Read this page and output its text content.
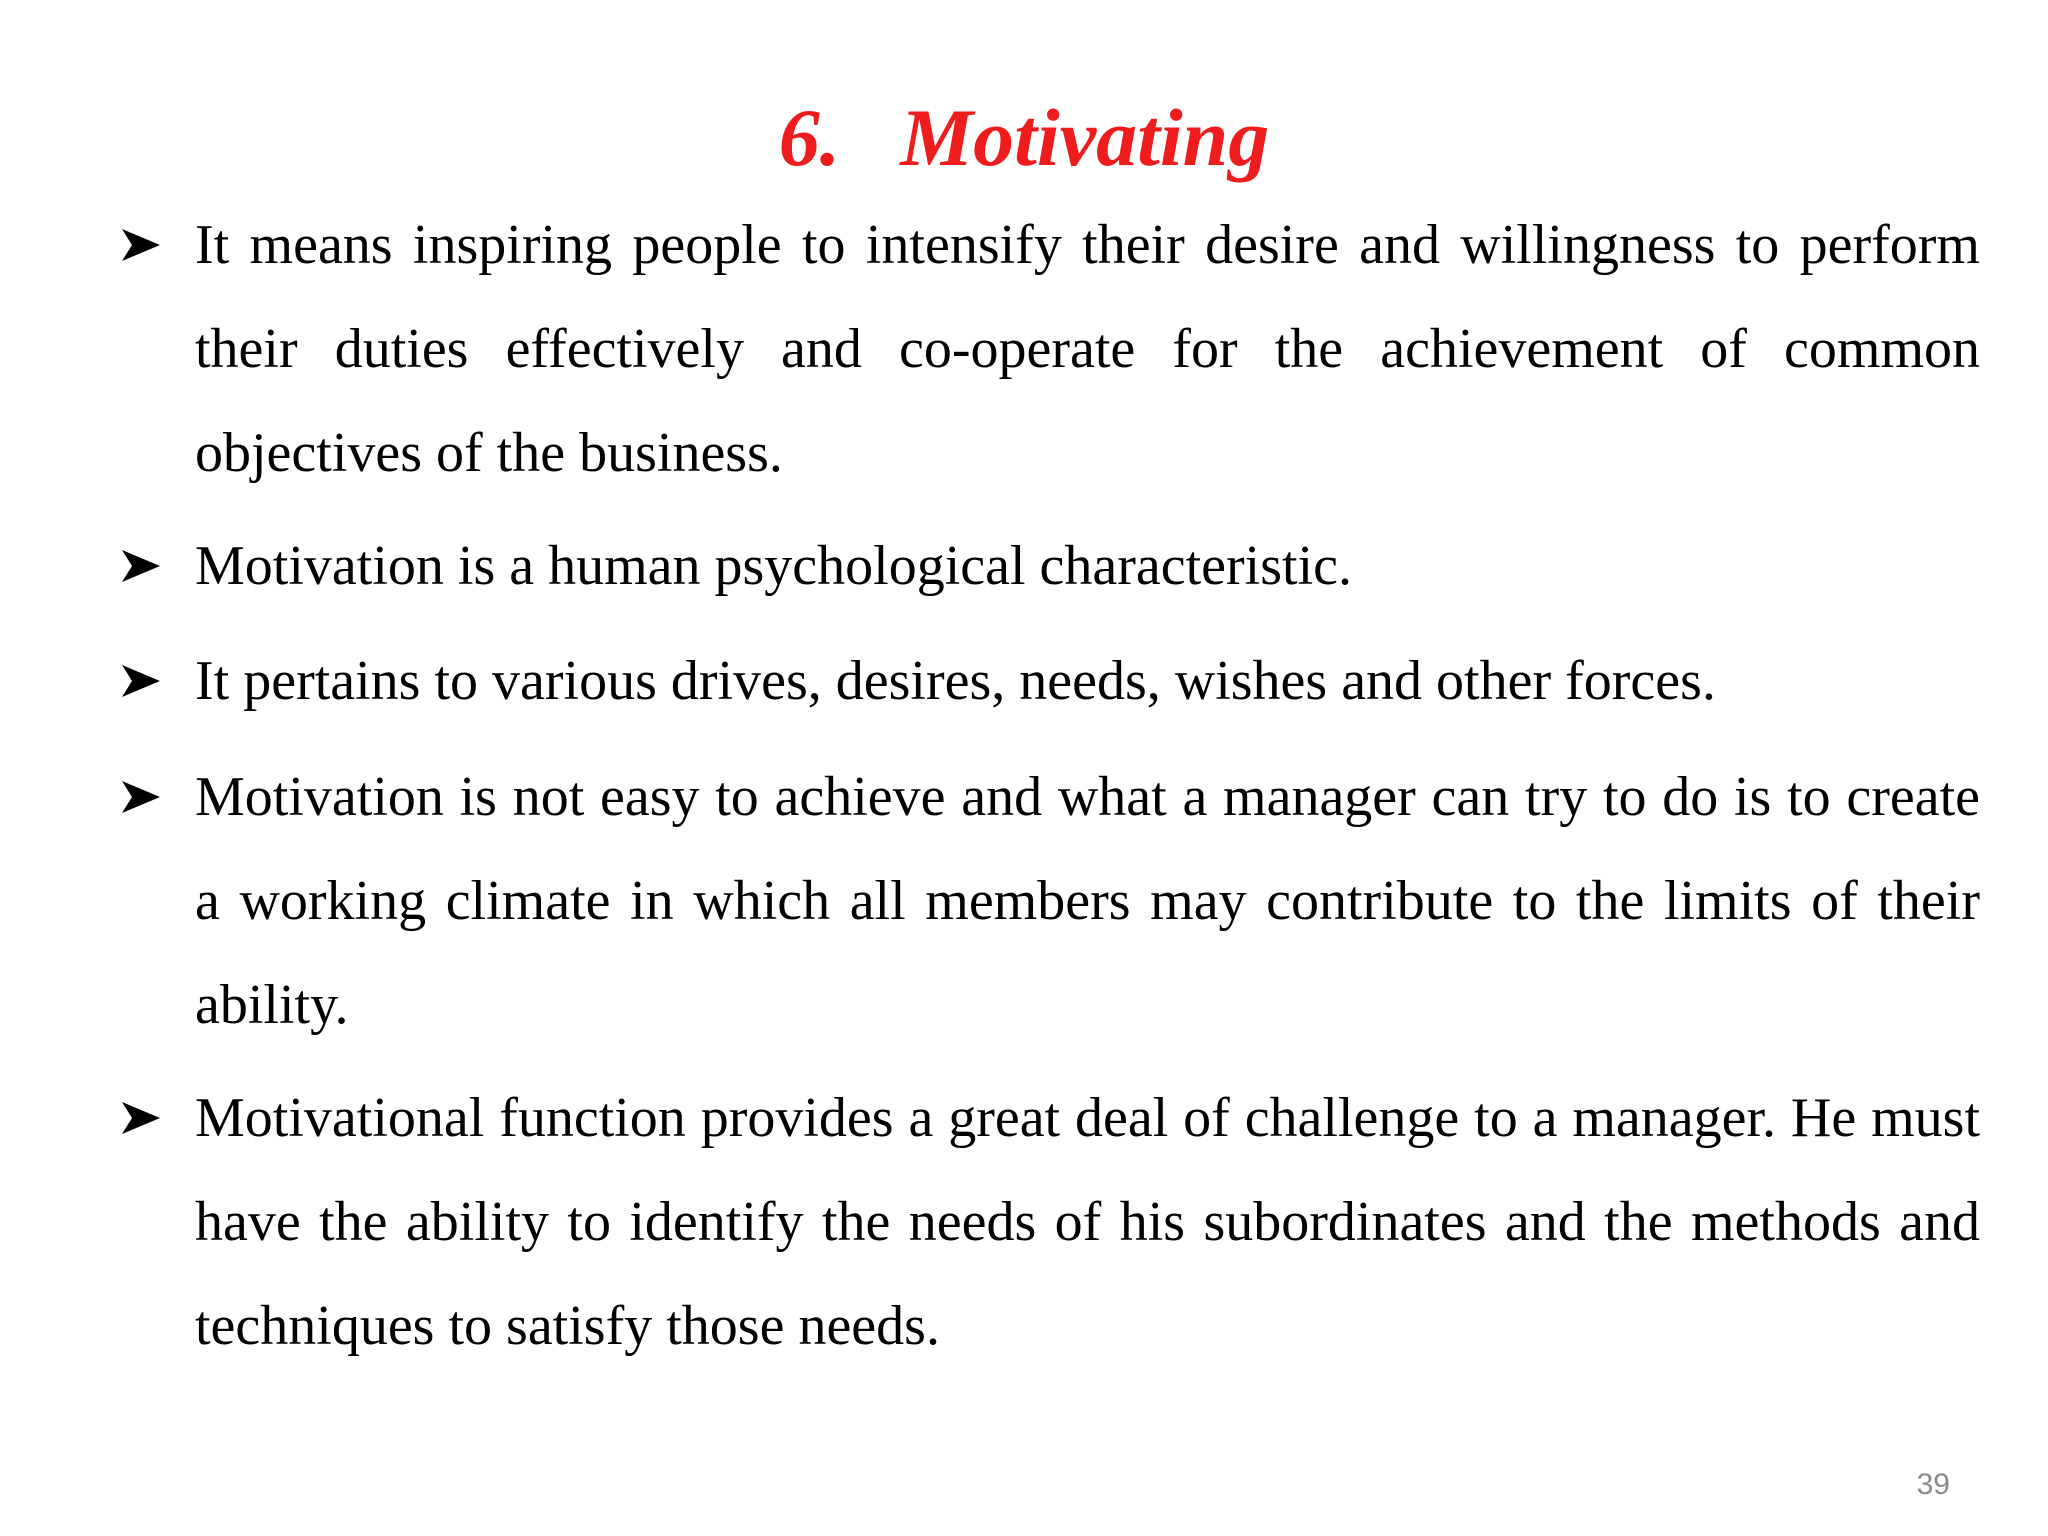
6. Motivating

It means inspiring people to intensify their desire and willingness to perform their duties effectively and co-operate for the achievement of common objectives of the business.

Motivation is a human psychological characteristic.

It pertains to various drives, desires, needs, wishes and other forces.

Motivation is not easy to achieve and what a manager can try to do is to create a working climate in which all members may contribute to the limits of their ability.

Motivational function provides a great deal of challenge to a manager. He must have the ability to identify the needs of his subordinates and the methods and techniques to satisfy those needs.

39
